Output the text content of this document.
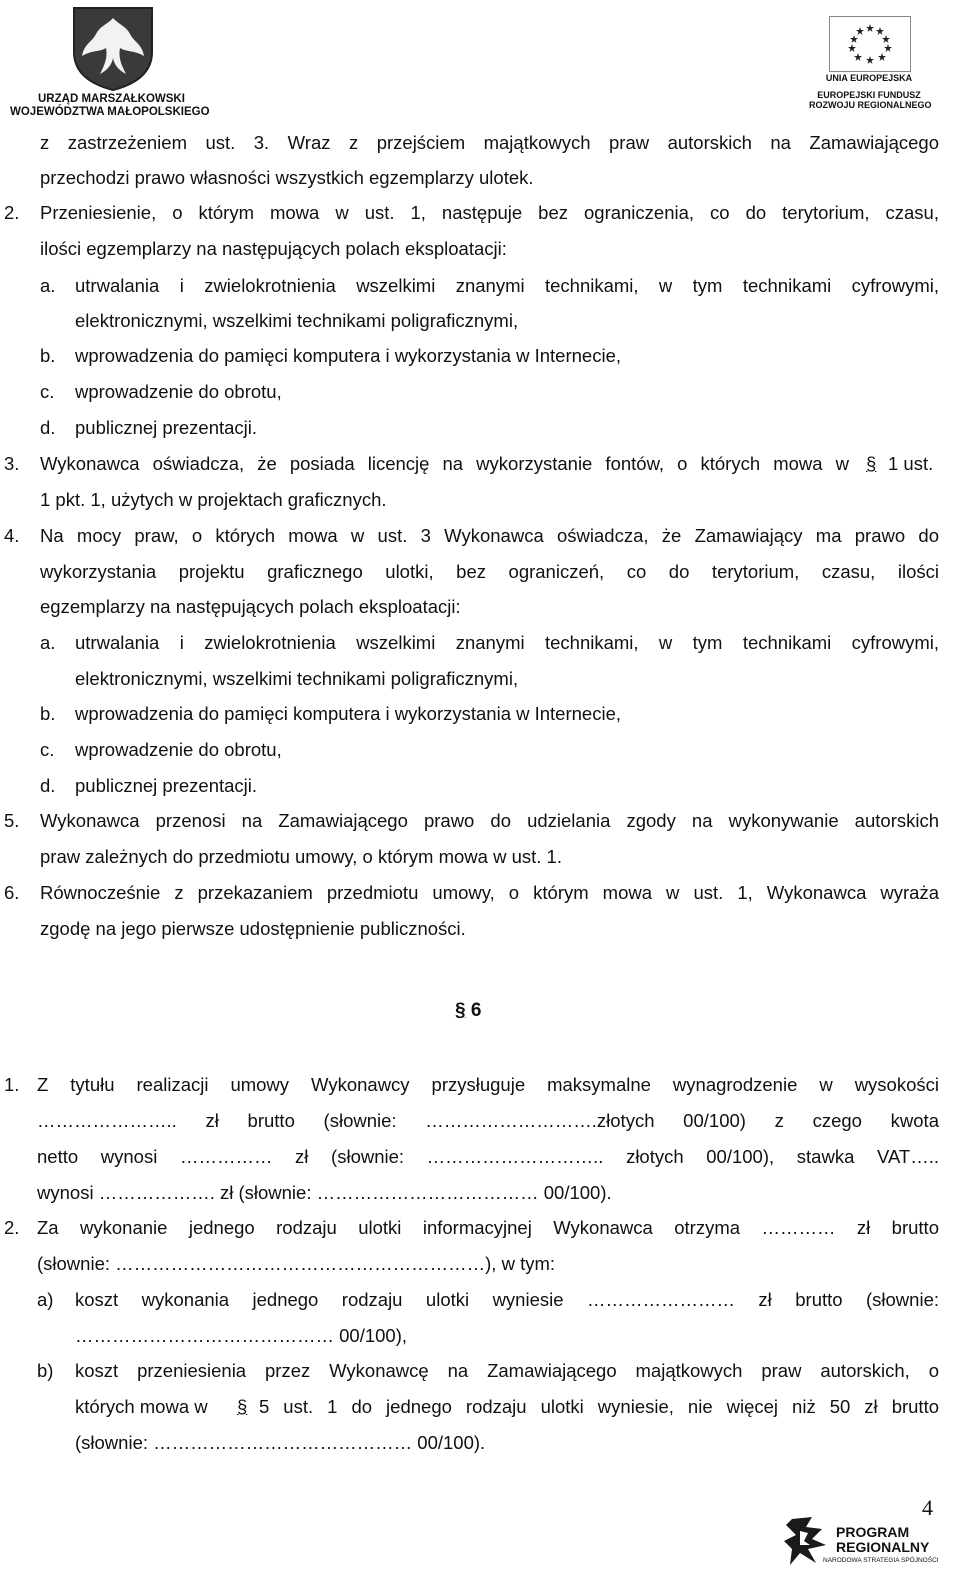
URZĄD MARSZAŁKOWSKI
WOJEWÓDZTWA MAŁOPOLSKIEGO
UNIA EUROPEJSKA
EUROPEJSKI FUNDUSZ
ROZWOJU REGIONALNEGO
z zastrzeżeniem ust. 3. Wraz z przejściem majątkowych praw autorskich na Zamawiającego
przechodzi prawo własności wszystkich egzemplarzy ulotek.
2. Przeniesienie, o którym mowa w ust. 1, następuje bez ograniczenia, co do terytorium, czasu,
ilości egzemplarzy na następujących polach eksploatacji:
a. utrwalania i zwielokrotnienia wszelkimi znanymi technikami, w tym technikami cyfrowymi,
elektronicznymi, wszelkimi technikami poligraficznymi,
b. wprowadzenia do pamięci komputera i wykorzystania w Internecie,
c. wprowadzenie do obrotu,
d. publicznej prezentacji.
3. Wykonawca oświadcza, że posiada licencję na wykorzystanie fontów, o których mowa w § 1 ust.
1 pkt. 1, użytych w projektach graficznych.
4. Na mocy praw, o których mowa w ust. 3 Wykonawca oświadcza, że Zamawiający ma prawo do
wykorzystania projektu graficznego ulotki, bez ograniczeń, co do terytorium, czasu, ilości
egzemplarzy na następujących polach eksploatacji:
a. utrwalania i zwielokrotnienia wszelkimi znanymi technikami, w tym technikami cyfrowymi,
elektronicznymi, wszelkimi technikami poligraficznymi,
b. wprowadzenia do pamięci komputera i wykorzystania w Internecie,
c. wprowadzenie do obrotu,
d. publicznej prezentacji.
5. Wykonawca przenosi na Zamawiającego prawo do udzielania zgody na wykonywanie autorskich
praw zależnych do przedmiotu umowy, o którym mowa w ust. 1.
6. Równocześnie z przekazaniem przedmiotu umowy, o którym mowa w ust. 1, Wykonawca wyraża
zgodę na jego pierwsze udostępnienie publiczności.
§ 6
1. Z tytułu realizacji umowy Wykonawcy przysługuje maksymalne wynagrodzenie w wysokości
………………….. zł brutto (słownie: ……………………….złotych 00/100) z czego kwota
netto wynosi …………… zł (słownie: ……………………….. złotych 00/100), stawka VAT…..
wynosi ………………. zł (słownie: ……………………………… 00/100).
2. Za wykonanie jednego rodzaju ulotki informacyjnej Wykonawca otrzyma ………… zł brutto
(słownie: ……………………………………………………), w tym:
a) koszt wykonania jednego rodzaju ulotki wyniesie …………………… zł brutto (słownie:
…………………………………… 00/100),
b) koszt przeniesienia przez Wykonawcę na Zamawiającego majątkowych praw autorskich, o
których mowa w § 5 ust. 1 do jednego rodzaju ulotki wyniesie, nie więcej niż 50 zł brutto
(słownie: …………………………………… 00/100).
4
PROGRAM
REGIONALNY
NARODOWA STRATEGIA SPÓJNOŚCI
